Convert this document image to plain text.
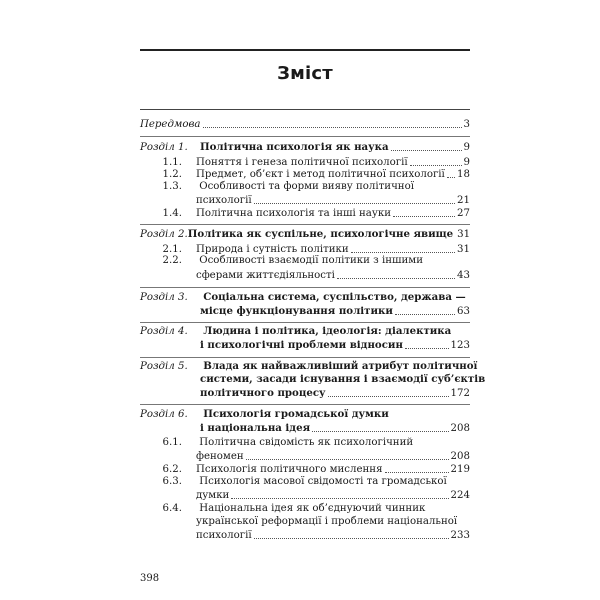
Зміст
Передмова	3
Розділ 1.	Політична психологія як наука	9
1.1. Поняття і генеза політичної психології	9
1.2. Предмет, об’єкт і метод політичної психології 18
1.3. Особливості та форми вияву політичної
психології	21
1.4. Політична психологія та інші науки	27
Розділ 2. Політика як суспільне, психологічне явище 31
2.1. Природа і сутність політики	31
2.2. Особливості взаємодії політики з іншими
сферами життєдіяльності	43
Розділ 3. Соціальна система, суспільство, держава —
місце функціонування політики	63
Розділ 4. Людина і політика, ідеологія: діалектика
і психологічні проблеми відносин	123
Розділ 5. Влада як найважливіший атрибут політичної
системи, засади існування і взаємодії суб’єктів
політичного процесу	172
Розділ 6. Психологія громадської думки
і національна ідея	208
6.1. Політична свідомість як психологічний
феномен	208
6.2. Психологія політичного мислення	219
6.3. Психологія масової свідомості та громадської
думки	224
6.4. Національна ідея як об’єднуючий чинник
української реформації і проблеми національної
психології	233
398
